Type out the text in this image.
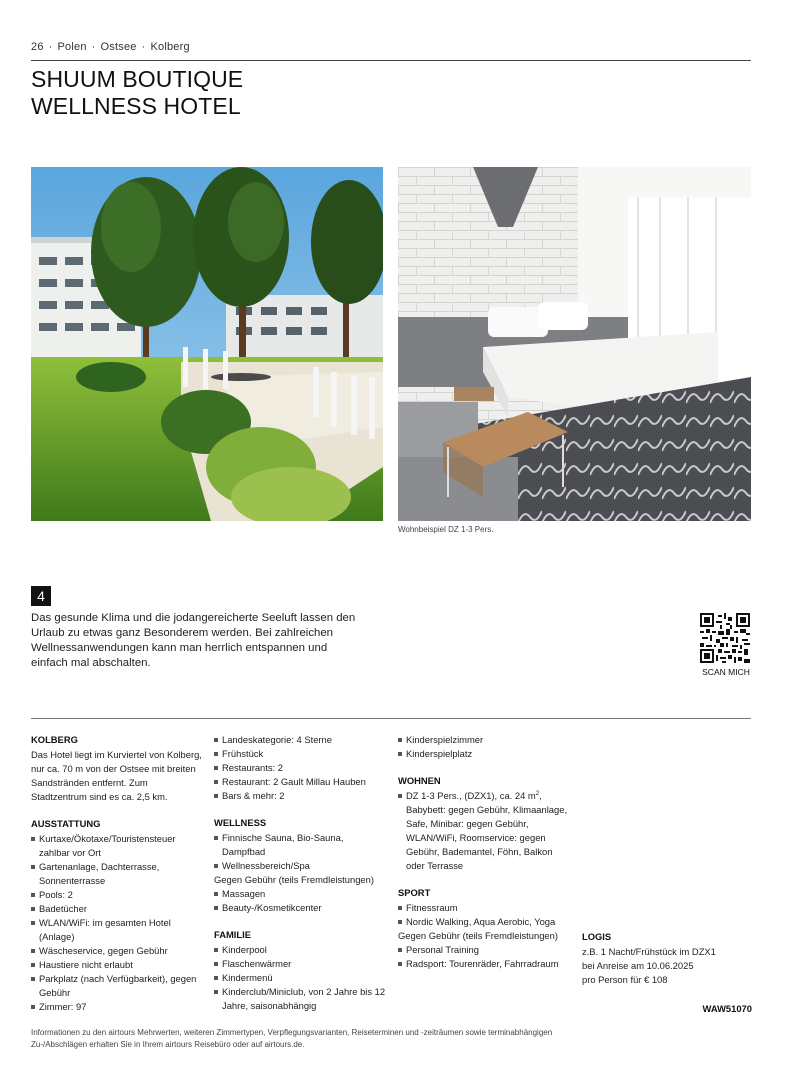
26 · Polen · Ostsee · Kolberg
SHUUM BOUTIQUE
WELLNESS HOTEL
Wohnbeispiel DZ 1-3 Pers.
4

Das gesunde Klima und die jodangereicherte Seeluft lassen den Urlaub zu etwas ganz Besonderem werden. Bei zahlreichen Wellnessanwendungen kann man herrlich entspannen und einfach mal abschalten.

SCAN MICH
KOLBERG
Das Hotel liegt im Kurviertel von Kolberg, nur ca. 70 m von der Ostsee mit breiten Sandstränden entfernt. Zum Stadtzentrum sind es ca. 2,5 km.
AUSSTATTUNG
Kurtaxe/Ökotaxe/Touristensteuer zahlbar vor Ort
Gartenanlage, Dachterrasse, Sonnenterrasse
Pools: 2
Badetücher
WLAN/WiFi: im gesamten Hotel (Anlage)
Wäscheservice, gegen Gebühr
Haustiere nicht erlaubt
Parkplatz (nach Verfügbarkeit), gegen Gebühr
Zimmer: 97
Landeskategorie: 4 Sterne
Frühstück
Restaurants: 2
Restaurant: 2 Gault Millau Hauben
Bars & mehr: 2
WELLNESS
Finnische Sauna, Bio-Sauna, Dampfbad
Wellnessbereich/Spa
Gegen Gebühr (teils Fremdleistungen)
Massagen
Beauty-/Kosmetikcenter
FAMILIE
Kinderpool
Flaschenwärmer
Kindermenü
Kinderclub/Miniclub, von 2 Jahre bis 12 Jahre, saisonabhängig
Kinderspielzimmer
Kinderspielplatz
WOHNEN
DZ 1-3 Pers., (DZX1), ca. 24 $m^2$, Babybett: gegen Gebühr, Klimaanlage, Safe, Minibar: gegen Gebühr, WLAN/WiFi, Roomservice: gegen Gebühr, Bademantel, Föhn, Balkon oder Terrasse
SPORT
Fitnessraum
Nordic Walking, Aqua Aerobic, Yoga
Gegen Gebühr (teils Fremdleistungen)
Personal Training
Radsport: Tourenräder, Fahrradraum
LOGIS
z.B. 1 Nacht/Frühstück im DZX1
bei Anreise am 10.06.2025
pro Person für € 108
WAW51070

Informationen zu den airtours Mehrwerten, weiteren Zimmertypen, Verpflegungsvarianten, Reiseterminen und -zeiträumen sowie terminabhängigen Zu-/Abschlägen erhalten Sie in Ihrem airtours Reisebüro oder auf airtours.de.
